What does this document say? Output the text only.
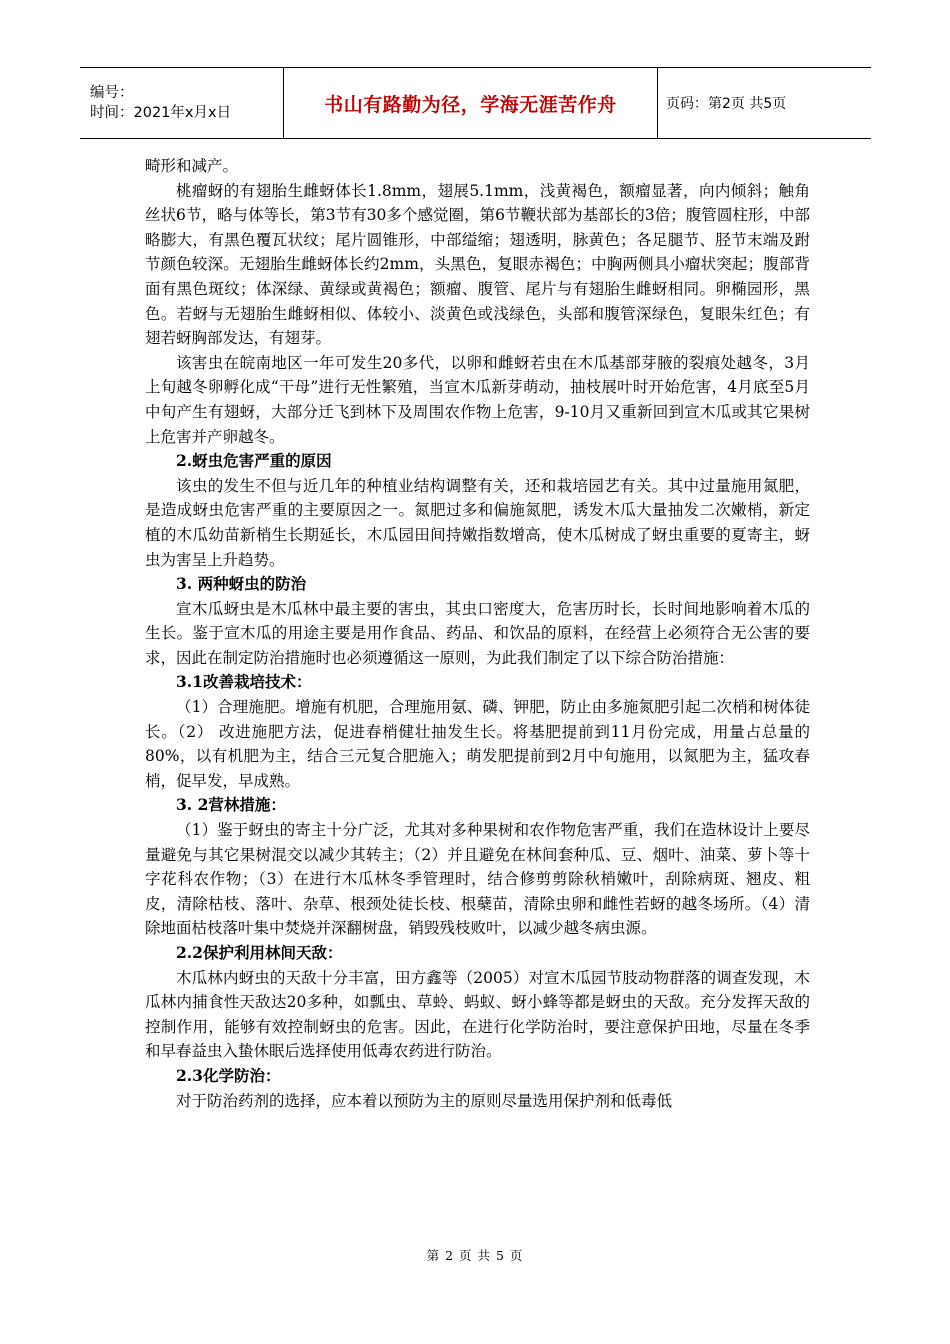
编号：
时间：2021年x月x日	书山有路勤为径，学海无涯苦作舟	页码：第2页 共5页

畸形和减产。

桃瘤蚜的有翅胎生雌蚜体长1.8mm，翅展5.1mm，浅黄褐色，额瘤显著，向内倾斜；触角丝状6节，略与体等长，第3节有30多个感觉圈，第6节鞭状部为基部长的3倍；腹管圆柱形，中部略膨大，有黑色覆瓦状纹；尾片圆锥形，中部缢缩；翅透明，脉黄色；各足腿节、胫节末端及跗节颜色较深。无翅胎生雌蚜体长约2mm，头黑色，复眼赤褐色；中胸两侧具小瘤状突起；腹部背面有黑色斑纹；体深绿、黄绿或黄褐色；额瘤、腹管、尾片与有翅胎生雌蚜相同。卵椭园形，黑色。若蚜与无翅胎生雌蚜相似、体较小、淡黄色或浅绿色，头部和腹管深绿色，复眼朱红色；有翅若蚜胸部发达，有翅芽。

该害虫在皖南地区一年可发生20多代，以卵和雌蚜若虫在木瓜基部芽腋的裂痕处越冬，3月上旬越冬卵孵化成“干母”进行无性繁殖，当宣木瓜新芽萌动，抽枝展叶时开始危害，4月底至5月中旬产生有翅蚜，大部分迁飞到林下及周围农作物上危害，9-10月又重新回到宣木瓜或其它果树上危害并产卵越冬。

2.蚜虫危害严重的原因

该虫的发生不但与近几年的种植业结构调整有关，还和栽培园艺有关。其中过量施用氮肥，是造成蚜虫危害严重的主要原因之一。氮肥过多和偏施氮肥，诱发木瓜大量抽发二次嫩梢，新定植的木瓜幼苗新梢生长期延长，木瓜园田间持嫩指数增高，使木瓜树成了蚜虫重要的夏寄主，蚜虫为害呈上升趋势。

3. 两种蚜虫的防治

宣木瓜蚜虫是木瓜林中最主要的害虫，其虫口密度大，危害历时长，长时间地影响着木瓜的生长。鉴于宣木瓜的用途主要是用作食品、药品、和饮品的原料，在经营上必须符合无公害的要求，因此在制定防治措施时也必须遵循这一原则，为此我们制定了以下综合防治措施：

3.1改善栽培技术：

（1）合理施肥。增施有机肥，合理施用氨、磷、钾肥，防止由多施氮肥引起二次梢和树体徒长。（2） 改进施肥方法，促进春梢健壮抽发生长。将基肥提前到11月份完成，用量占总量的80%，以有机肥为主，结合三元复合肥施入；萌发肥提前到2月中旬施用，以氮肥为主，猛攻春梢，促早发，早成熟。

3. 2营林措施：

（1）鉴于蚜虫的寄主十分广泛，尤其对多种果树和农作物危害严重，我们在造林设计上要尽量避免与其它果树混交以减少其转主；（2）并且避免在林间套种瓜、豆、烟叶、油菜、萝卜等十字花科农作物；（3）在进行木瓜林冬季管理时，结合修剪剪除秋梢嫩叶，刮除病斑、翘皮、粗皮，清除枯枝、落叶、杂草、根颈处徒长枝、根蘖苗，清除虫卵和雌性若蚜的越冬场所。（4）清除地面枯枝落叶集中焚烧并深翻树盘，销毁残枝败叶，以减少越冬病虫源。

2.2保护利用林间天敌：

木瓜林内蚜虫的天敌十分丰富，田方鑫等（2005）对宣木瓜园节肢动物群落的调查发现，木瓜林内捕食性天敌达20多种，如瓢虫、草蛉、蚂蚁、蚜小蜂等都是蚜虫的天敌。充分发挥天敌的控制作用，能够有效控制蚜虫的危害。因此，在进行化学防治时，要注意保护田地，尽量在冬季和早春益虫入蛰休眠后选择使用低毒农药进行防治。

2.3化学防治：

对于防治药剂的选择，应本着以预防为主的原则尽量选用保护剂和低毒低

第 2 页 共 5 页
